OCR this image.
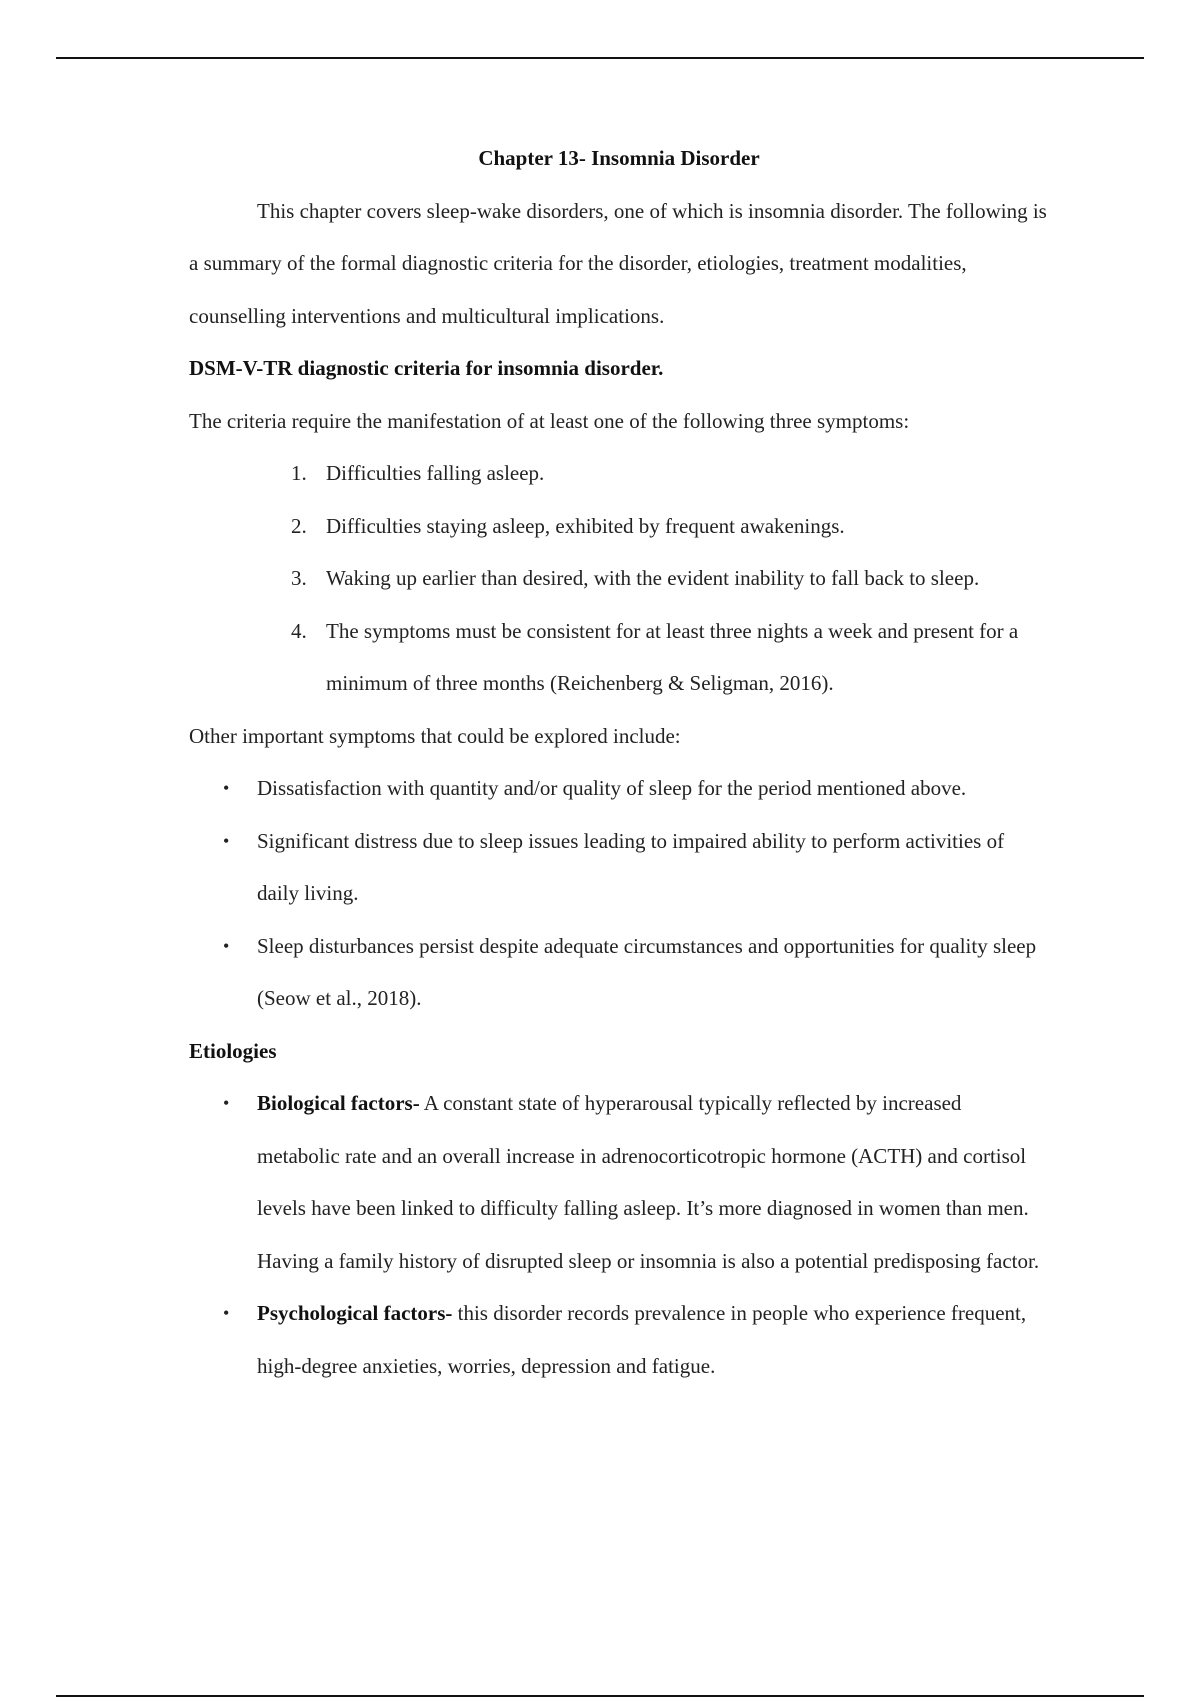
Chapter 13- Insomnia Disorder

This chapter covers sleep-wake disorders, one of which is insomnia disorder. The following is a summary of the formal diagnostic criteria for the disorder, etiologies, treatment modalities, counselling interventions and multicultural implications.

DSM-V-TR diagnostic criteria for insomnia disorder.

The criteria require the manifestation of at least one of the following three symptoms:

1. Difficulties falling asleep.
2. Difficulties staying asleep, exhibited by frequent awakenings.
3. Waking up earlier than desired, with the evident inability to fall back to sleep.
4. The symptoms must be consistent for at least three nights a week and present for a minimum of three months (Reichenberg & Seligman, 2016).

Other important symptoms that could be explored include:

• Dissatisfaction with quantity and/or quality of sleep for the period mentioned above.
• Significant distress due to sleep issues leading to impaired ability to perform activities of daily living.
• Sleep disturbances persist despite adequate circumstances and opportunities for quality sleep (Seow et al., 2018).

Etiologies

• Biological factors- A constant state of hyperarousal typically reflected by increased metabolic rate and an overall increase in adrenocorticotropic hormone (ACTH) and cortisol levels have been linked to difficulty falling asleep. It’s more diagnosed in women than men. Having a family history of disrupted sleep or insomnia is also a potential predisposing factor.
• Psychological factors- this disorder records prevalence in people who experience frequent, high-degree anxieties, worries, depression and fatigue.
